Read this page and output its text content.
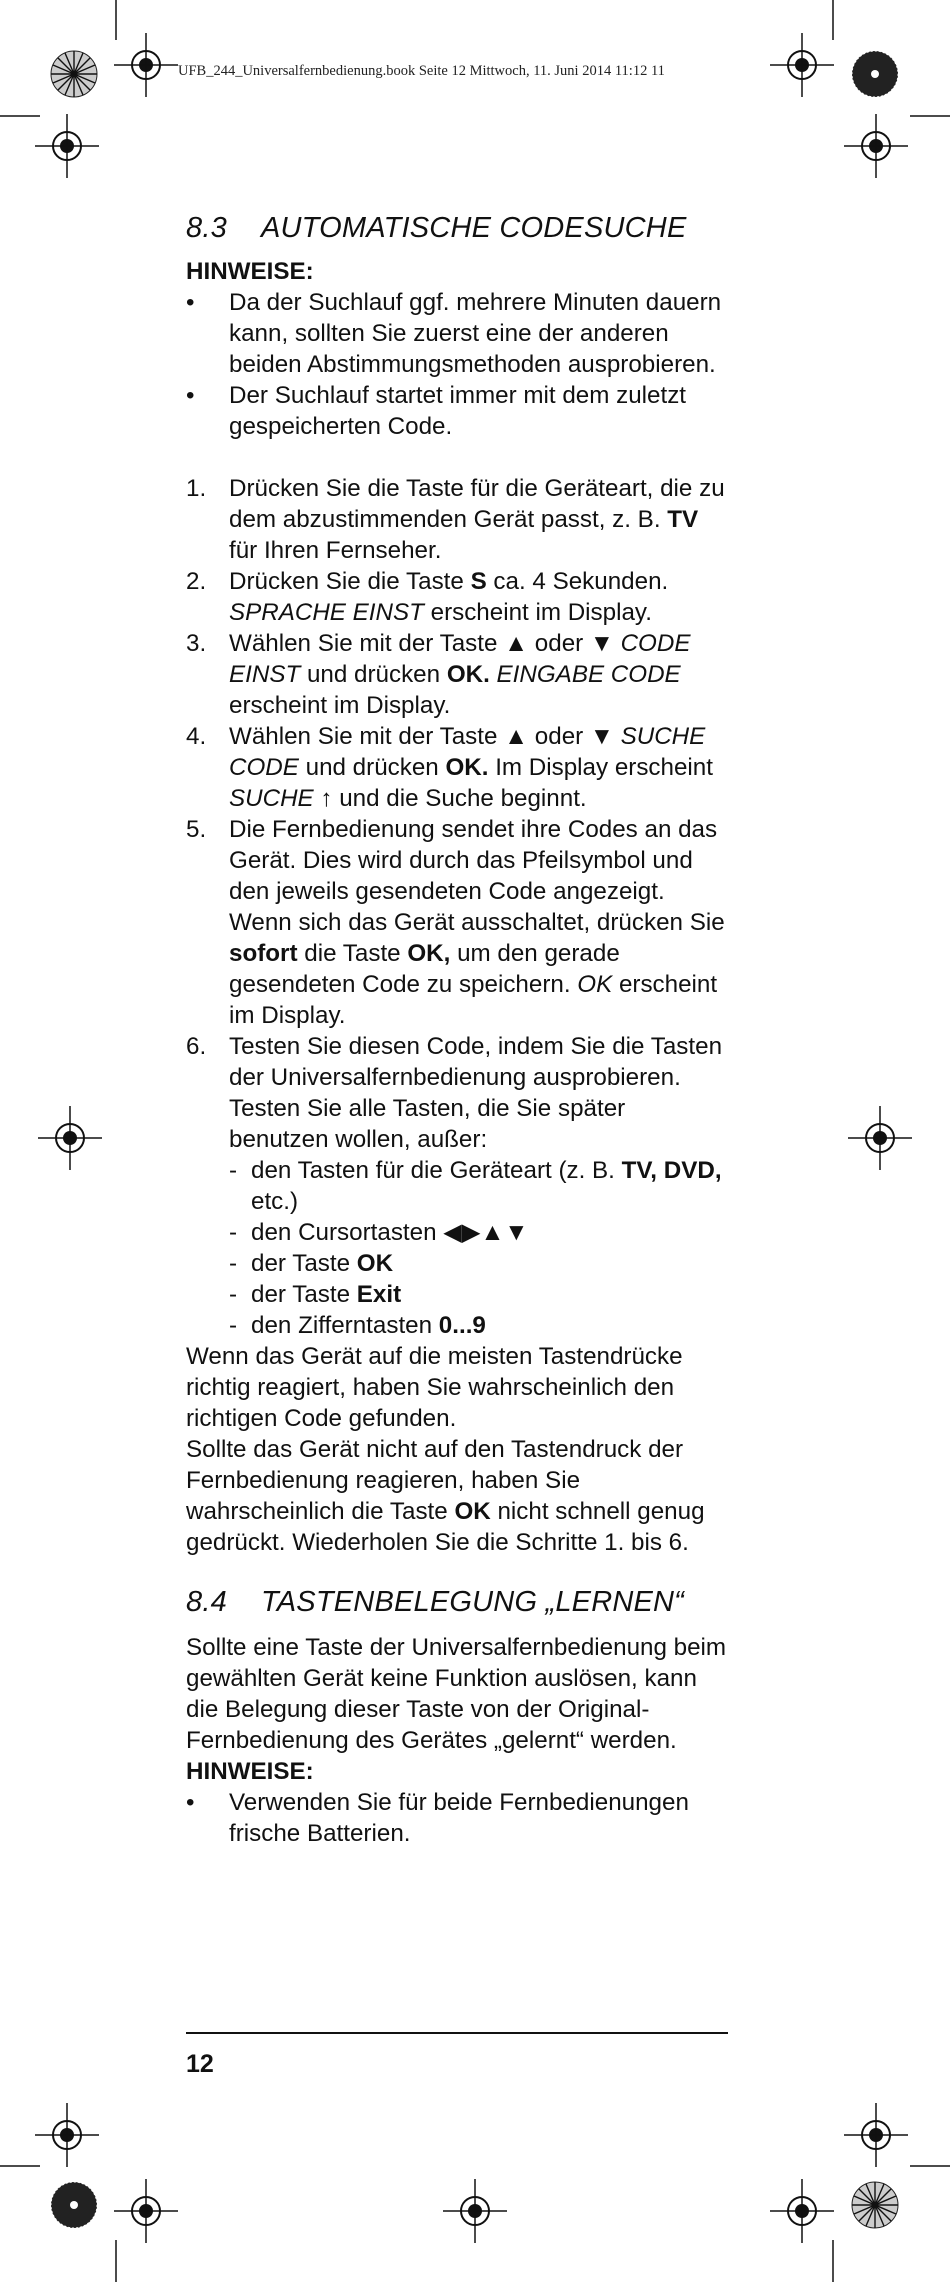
UFB_244_Universalfernbedienung.book Seite 12 Mittwoch, 11. Juni 2014 11:12 11
8.3 AUTOMATISCHE CODESUCHE
HINWEISE:
• Da der Suchlauf ggf. mehrere Minuten dauern kann, sollten Sie zuerst eine der anderen beiden Abstimmungsmethoden ausprobieren.
• Der Suchlauf startet immer mit dem zuletzt gespeicherten Code.
1. Drücken Sie die Taste für die Geräteart, die zu dem abzustimmenden Gerät passt, z. B. TV für Ihren Fernseher.
2. Drücken Sie die Taste S ca. 4 Sekunden. SPRACHE EINST erscheint im Display.
3. Wählen Sie mit der Taste ▲ oder ▼ CODE EINST und drücken OK. EINGABE CODE erscheint im Display.
4. Wählen Sie mit der Taste ▲ oder ▼ SUCHE CODE und drücken OK. Im Display erscheint SUCHE ↑ und die Suche beginnt.
5. Die Fernbedienung sendet ihre Codes an das Gerät. Dies wird durch das Pfeilsymbol und den jeweils gesendeten Code angezeigt. Wenn sich das Gerät ausschaltet, drücken Sie sofort die Taste OK, um den gerade gesendeten Code zu speichern. OK erscheint im Display.
6. Testen Sie diesen Code, indem Sie die Tasten der Universalfernbedienung ausprobieren. Testen Sie alle Tasten, die Sie später benutzen wollen, außer:
- den Tasten für die Geräteart (z. B. TV, DVD, etc.)
- den Cursortasten ◀▶▲▼
- der Taste OK
- der Taste Exit
- den Zifferntasten 0...9

Wenn das Gerät auf die meisten Tastendrücke richtig reagiert, haben Sie wahrscheinlich den richtigen Code gefunden.

Sollte das Gerät nicht auf den Tastendruck der Fernbedienung reagieren, haben Sie wahrscheinlich die Taste OK nicht schnell genug gedrückt. Wiederholen Sie die Schritte 1. bis 6.

8.4 TASTENBELEGUNG „LERNEN“

Sollte eine Taste der Universalfernbedienung beim gewählten Gerät keine Funktion auslösen, kann die Belegung dieser Taste von der Original-Fernbedienung des Gerätes „gelernt“ werden.

HINWEISE:
• Verwenden Sie für beide Fernbedienungen frische Batterien.
12
